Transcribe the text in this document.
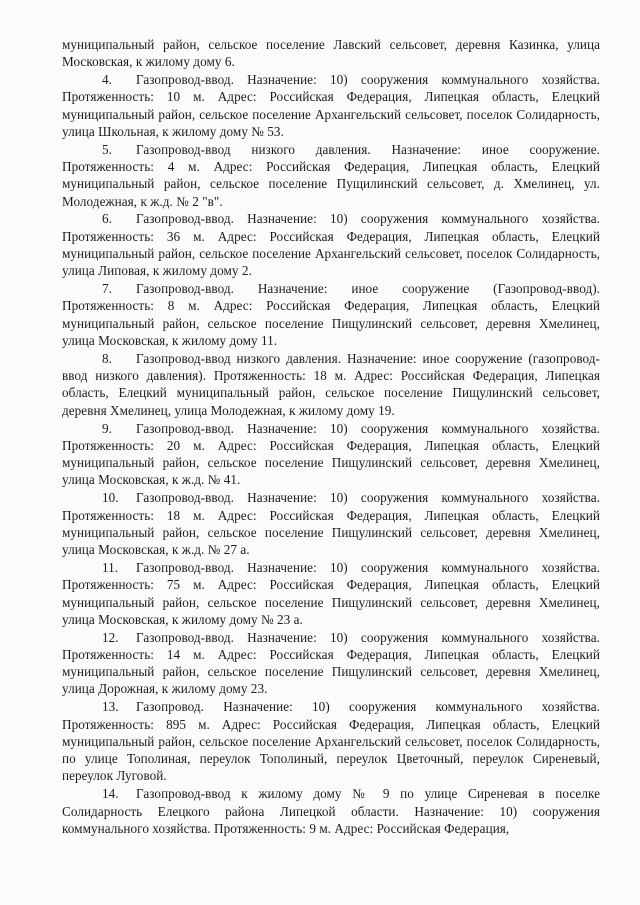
муниципальный район, сельское поселение Лавский сельсовет, деревня Казинка, улица Московская, к жилому дому 6.

4. Газопровод-ввод. Назначение: 10) сооружения коммунального хозяйства. Протяженность: 10 м. Адрес: Российская Федерация, Липецкая область, Елецкий муниципальный район, сельское поселение Архангельский сельсовет, поселок Солидарность, улица Школьная, к жилому дому № 53.

5. Газопровод-ввод низкого давления. Назначение: иное сооружение. Протяженность: 4 м. Адрес: Российская Федерация, Липецкая область, Елецкий муниципальный район, сельское поселение Пущилинский сельсовет, д. Хмелинец, ул. Молодежная, к ж.д. № 2 "в".

6. Газопровод-ввод. Назначение: 10) сооружения коммунального хозяйства. Протяженность: 36 м. Адрес: Российская Федерация, Липецкая область, Елецкий муниципальный район, сельское поселение Архангельский сельсовет, поселок Солидарность, улица Липовая, к жилому дому 2.

7. Газопровод-ввод. Назначение: иное сооружение (Газопровод-ввод). Протяженность: 8 м. Адрес: Российская Федерация, Липецкая область, Елецкий муниципальный район, сельское поселение Пищулинский сельсовет, деревня Хмелинец, улица Московская, к жилому дому 11.

8. Газопровод-ввод низкого давления. Назначение: иное сооружение (газопровод-ввод низкого давления). Протяженность: 18 м. Адрес: Российская Федерация, Липецкая область, Елецкий муниципальный район, сельское поселение Пищулинский сельсовет, деревня Хмелинец, улица Молодежная, к жилому дому 19.

9. Газопровод-ввод. Назначение: 10) сооружения коммунального хозяйства. Протяженность: 20 м. Адрес: Российская Федерация, Липецкая область, Елецкий муниципальный район, сельское поселение Пищулинский сельсовет, деревня Хмелинец, улица Московская, к ж.д. № 41.

10. Газопровод-ввод. Назначение: 10) сооружения коммунального хозяйства. Протяженность: 18 м. Адрес: Российская Федерация, Липецкая область, Елецкий муниципальный район, сельское поселение Пищулинский сельсовет, деревня Хмелинец, улица Московская, к ж.д. № 27 а.

11. Газопровод-ввод. Назначение: 10) сооружения коммунального хозяйства. Протяженность: 75 м. Адрес: Российская Федерация, Липецкая область, Елецкий муниципальный район, сельское поселение Пищулинский сельсовет, деревня Хмелинец, улица Московская, к жилому дому № 23 а.

12. Газопровод-ввод. Назначение: 10) сооружения коммунального хозяйства. Протяженность: 14 м. Адрес: Российская Федерация, Липецкая область, Елецкий муниципальный район, сельское поселение Пищулинский сельсовет, деревня Хмелинец, улица Дорожная, к жилому дому 23.

13. Газопровод. Назначение: 10) сооружения коммунального хозяйства. Протяженность: 895 м. Адрес: Российская Федерация, Липецкая область, Елецкий муниципальный район, сельское поселение Архангельский сельсовет, поселок Солидарность, по улице Тополиная, переулок Тополиный, переулок Цветочный, переулок Сиреневый, переулок Луговой.

14. Газопровод-ввод к жилому дому № 9 по улице Сиреневая в поселке Солидарность Елецкого района Липецкой области. Назначение: 10) сооружения коммунального хозяйства. Протяженность: 9 м. Адрес: Российская Федерация,
